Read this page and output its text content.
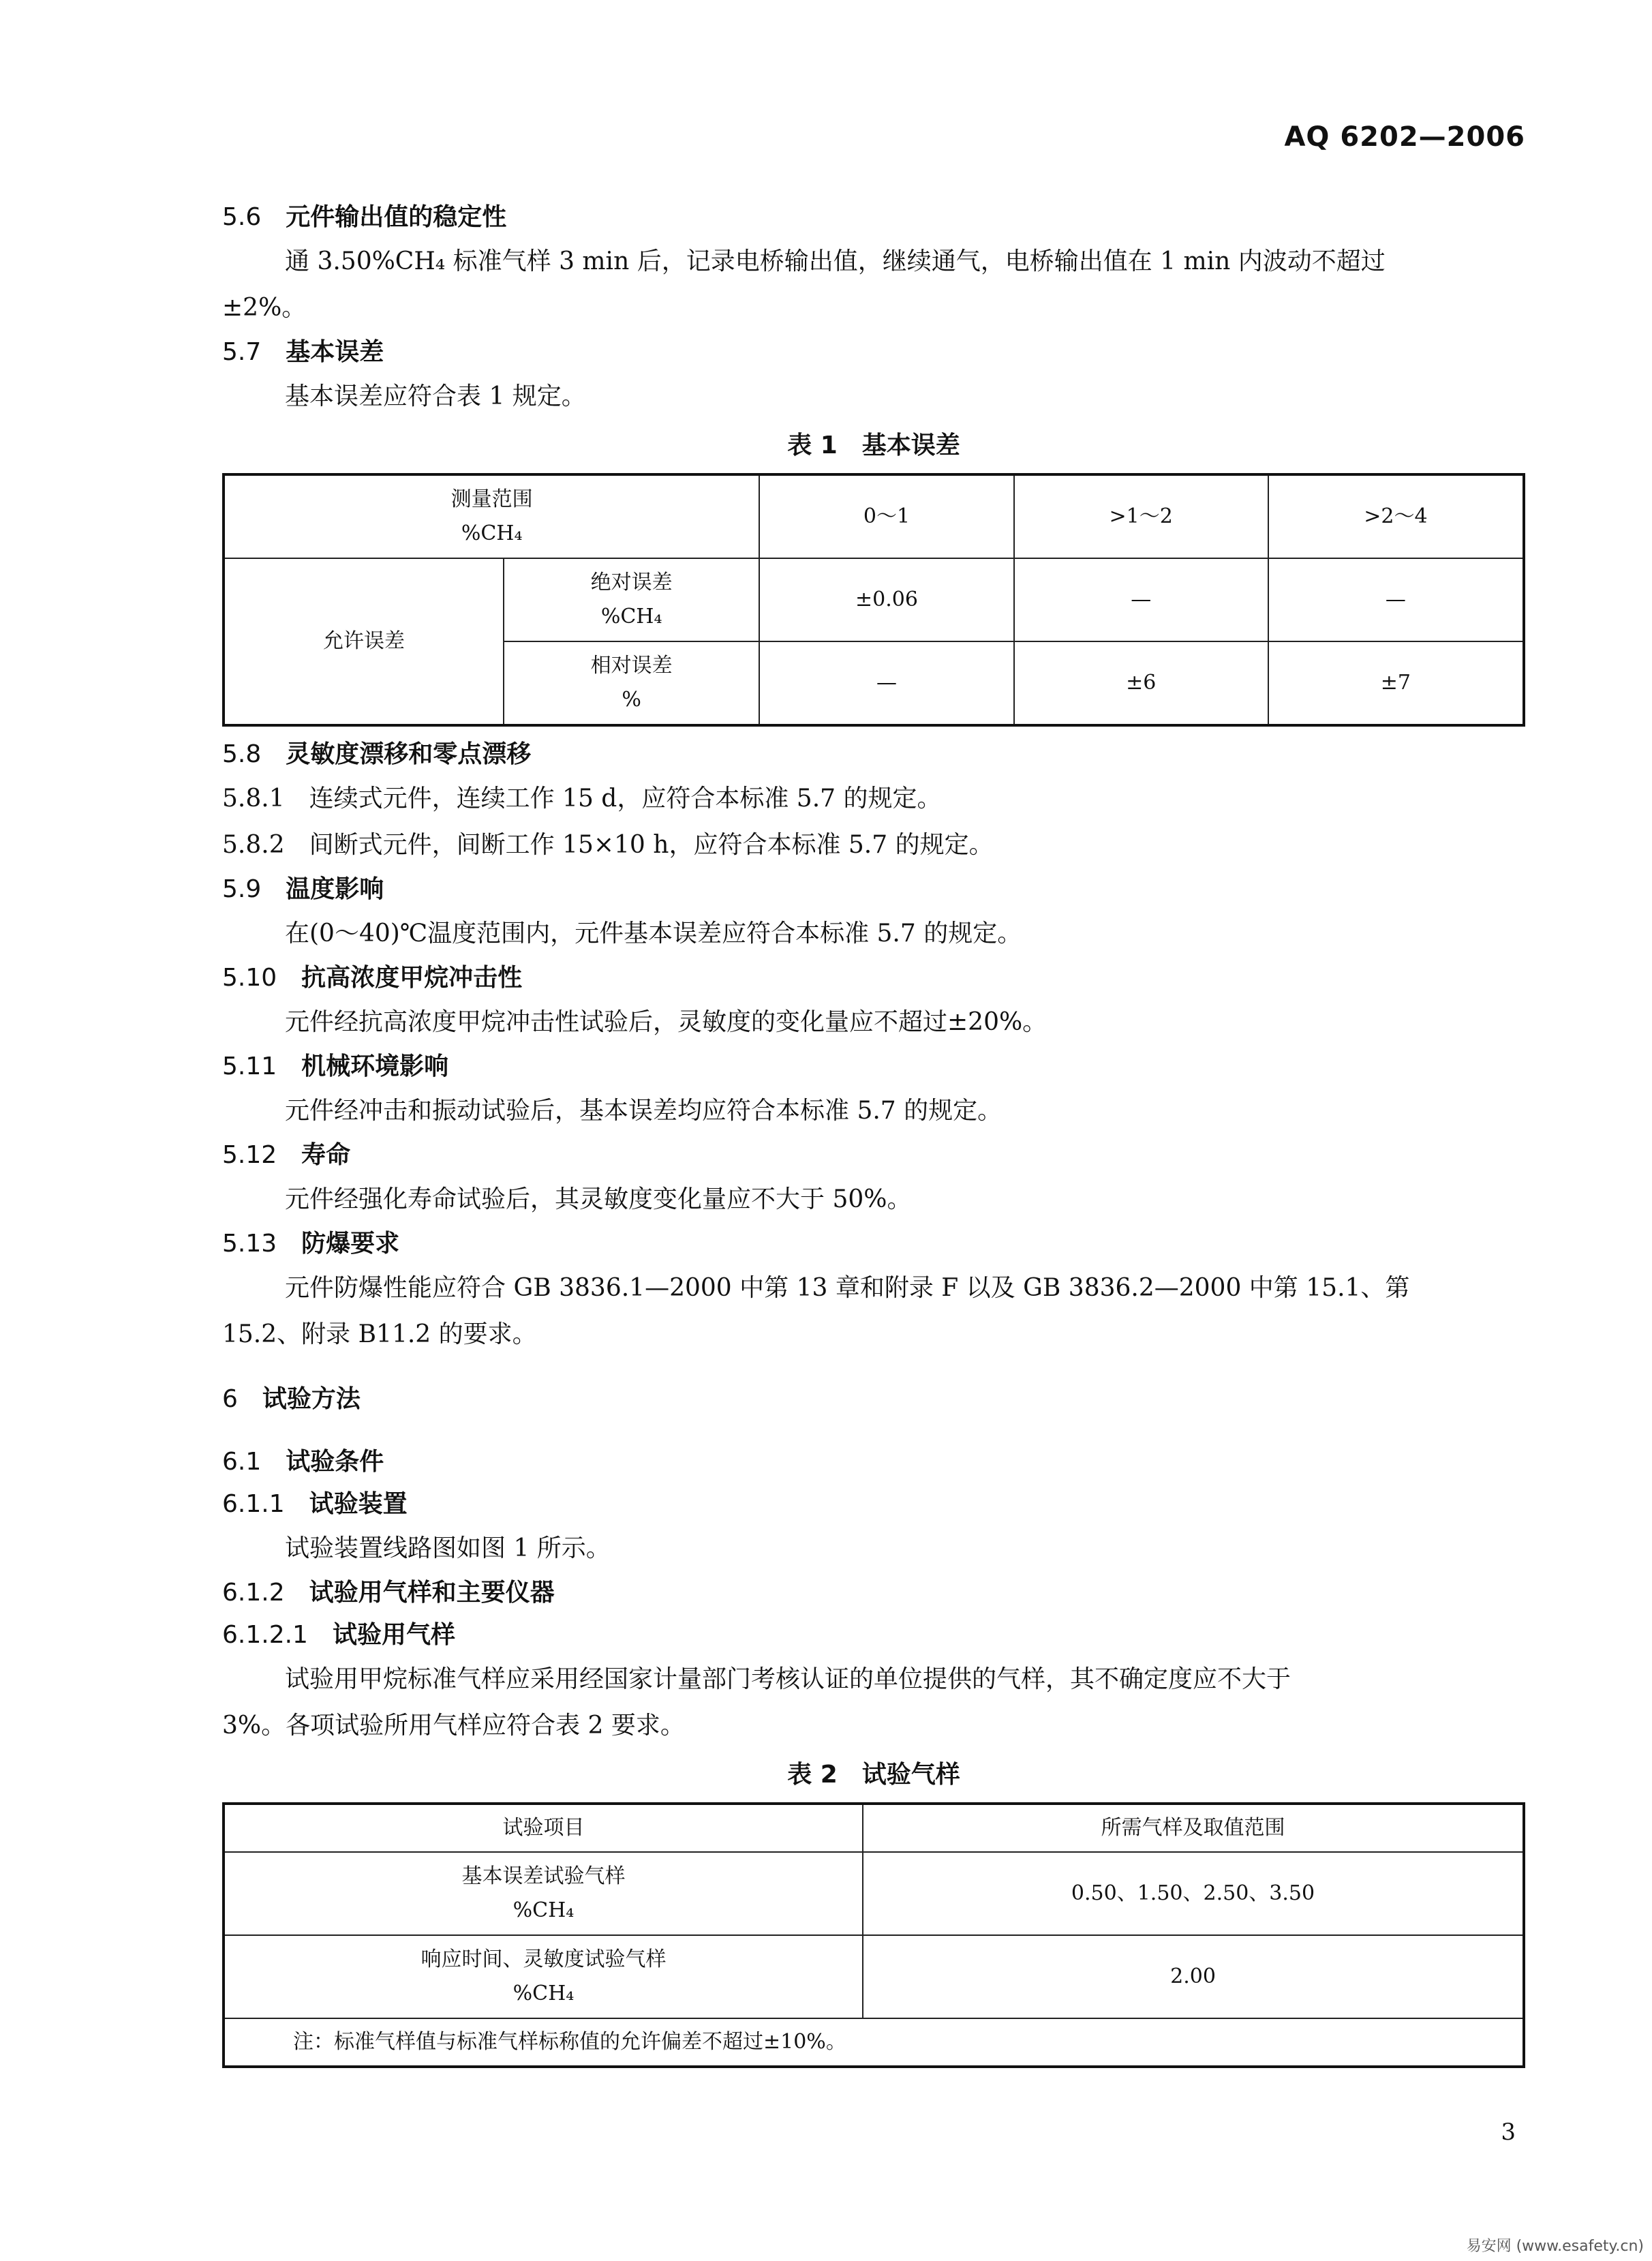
AQ 6202—2006
5.6 元件输出值的稳定性
通 3.50%CH₄ 标准气样 3 min 后，记录电桥输出值，继续通气，电桥输出值在 1 min 内波动不超过
±2%。
5.7 基本误差
基本误差应符合表 1 规定。
表 1　基本误差
测量范围
%CH₄		0～1	>1～2	>2～4
允许误差	绝对误差
%CH₄	±0.06	—	—

	相对误差
%	—	±6	±7
5.8 灵敏度漂移和零点漂移
5.8.1 连续式元件，连续工作 15 d，应符合本标准 5.7 的规定。
5.8.2 间断式元件，间断工作 15×10 h，应符合本标准 5.7 的规定。
5.9 温度影响
在(0～40)℃温度范围内，元件基本误差应符合本标准 5.7 的规定。
5.10 抗高浓度甲烷冲击性
元件经抗高浓度甲烷冲击性试验后，灵敏度的变化量应不超过±20%。
5.11 机械环境影响
元件经冲击和振动试验后，基本误差均应符合本标准 5.7 的规定。
5.12 寿命
元件经强化寿命试验后，其灵敏度变化量应不大于 50%。
5.13 防爆要求
元件防爆性能应符合 GB 3836.1—2000 中第 13 章和附录 F 以及 GB 3836.2—2000 中第 15.1、第
15.2、附录 B11.2 的要求。
6 试验方法
6.1 试验条件
6.1.1 试验装置
试验装置线路图如图 1 所示。
6.1.2 试验用气样和主要仪器
6.1.2.1 试验用气样
试验用甲烷标准气样应采用经国家计量部门考核认证的单位提供的气样，其不确定度应不大于
3%。各项试验所用气样应符合表 2 要求。
表 2　试验气样
试验项目	所需气样及取值范围

基本误差试验气样
%CH₄	0.50、1.50、2.50、3.50

响应时间、灵敏度试验气样
%CH₄	2.00
注：标准气样值与标准气样标称值的允许偏差不超过±10%。	
3
易安网 (www.esafety.cn)
